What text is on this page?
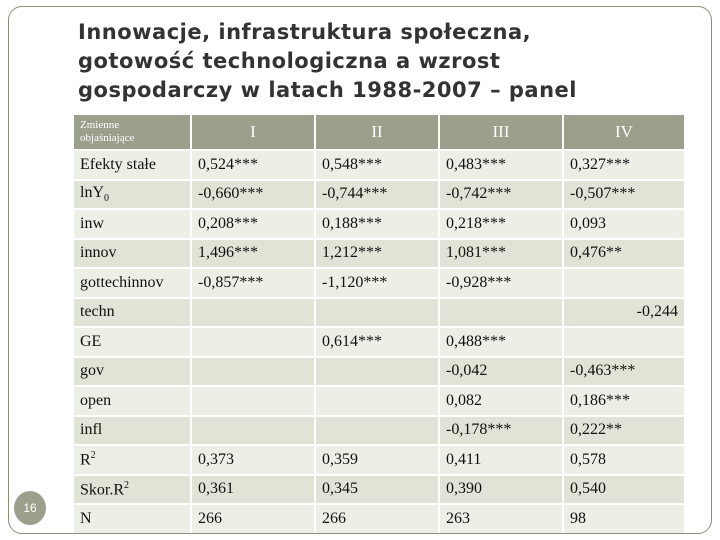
Innowacje, infrastruktura społeczna,
gotowość technologiczna a wzrost
gospodarczy w latach 1988-2007 – panel
Zmienne
objaśniające	I	II	III	IV
Efekty stałe	0,524***	0,548***	0,483***	0,327***
lnY$_0$	-0,660***	-0,744***	-0,742***	-0,507***
inw	0,208***	0,188***	0,218***	0,093
innov	1,496***	1,212***	1,081***	0,476**
gottechinnov	-0,857***	-1,120***	-0,928***	
techn				-0,244
GE		0,614***	0,488***	
gov			-0,042	-0,463***
open			0,082	0,186***
infl			-0,178***	0,222**
$R^2$	0,373	0,359	0,411	0,578
$Skor.R^2$	0,361	0,345	0,390	0,540
N	266	266	263	98
16
